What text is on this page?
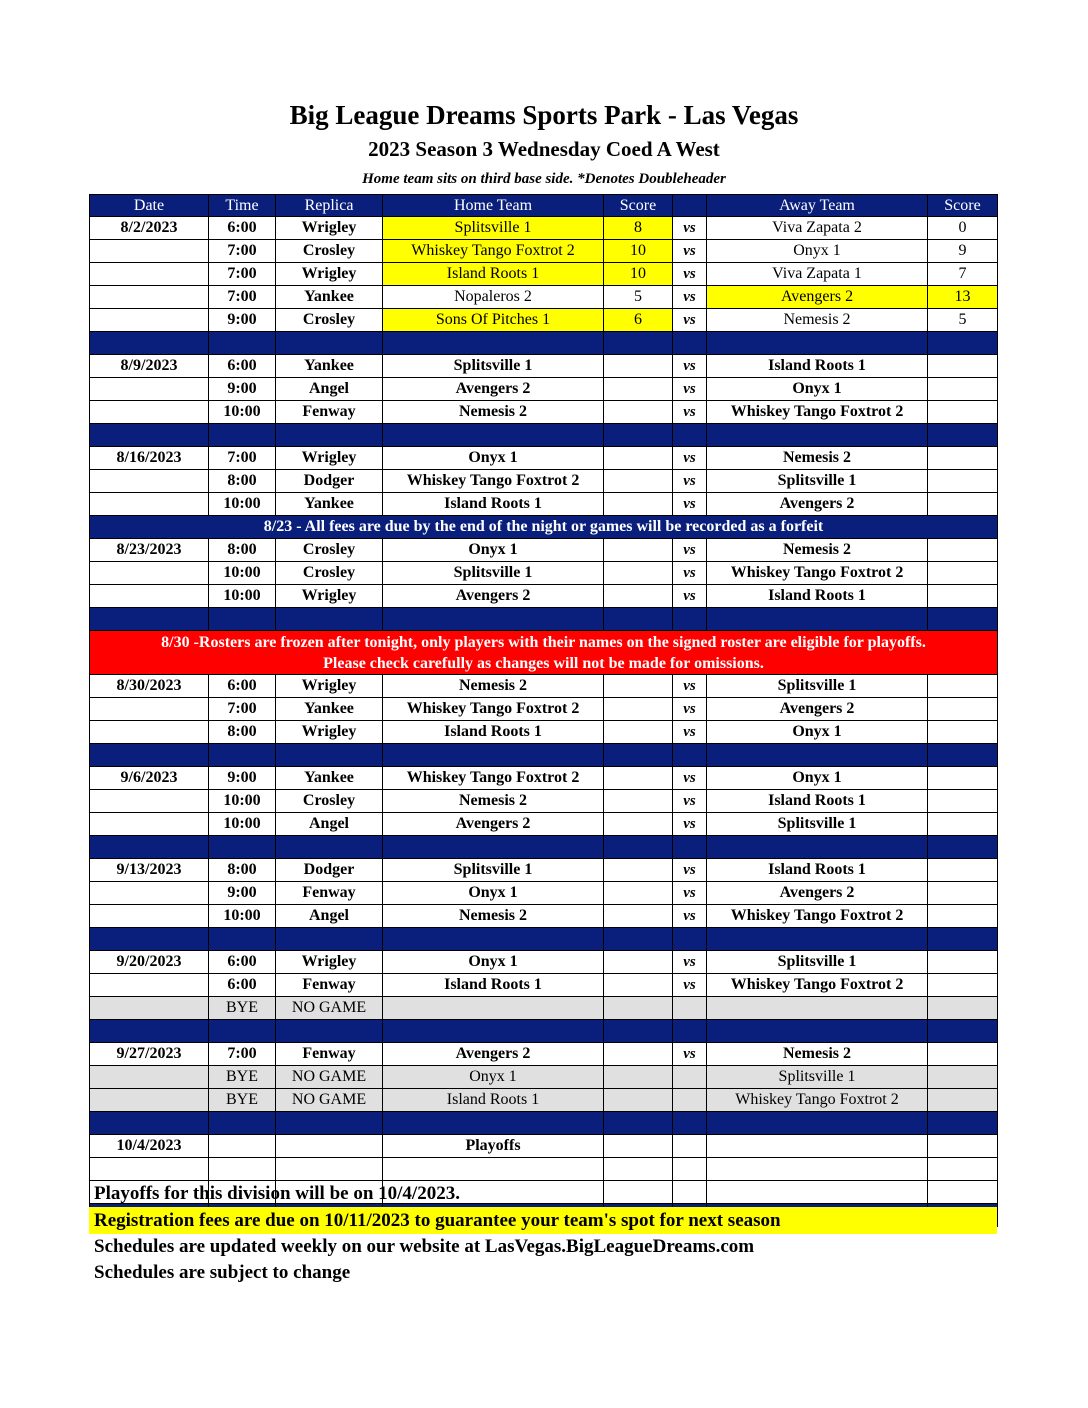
Big League Dreams Sports Park - Las Vegas
2023 Season 3 Wednesday Coed A West
Home team sits on third base side. *Denotes Doubleheader
Date	Time	Replica	Home Team	Score		Away Team	Score
8/2/2023	6:00	Wrigley	Splitsville 1	8	vs	Viva Zapata 2	0
	7:00	Crosley	Whiskey Tango Foxtrot 2	10	vs	Onyx 1	9
	7:00	Wrigley	Island Roots 1	10	vs	Viva Zapata 1	7
	7:00	Yankee	Nopaleros 2	5	vs	Avengers 2	13
	9:00	Crosley	Sons Of Pitches 1	6	vs	Nemesis 2	5

8/9/2023	6:00	Yankee	Splitsville 1		vs	Island Roots 1	
	9:00	Angel	Avengers 2		vs	Onyx 1	
	10:00	Fenway	Nemesis 2		vs	Whiskey Tango Foxtrot 2	

8/16/2023	7:00	Wrigley	Onyx 1		vs	Nemesis 2	
	8:00	Dodger	Whiskey Tango Foxtrot 2		vs	Splitsville 1	
	10:00	Yankee	Island Roots 1		vs	Avengers 2	
8/23 - All fees are due by the end of the night or games will be recorded as a forfeit							
8/23/2023	8:00	Crosley	Onyx 1		vs	Nemesis 2	
	10:00	Crosley	Splitsville 1		vs	Whiskey Tango Foxtrot 2	
	10:00	Wrigley	Avengers 2		vs	Island Roots 1	

8/30 -Rosters are frozen after tonight, only players with their names on the signed roster are eligible for playoffs.
Please check carefully as changes will not be made for omissions.							

8/30/2023	6:00	Wrigley	Nemesis 2		vs	Splitsville 1	
	7:00	Yankee	Whiskey Tango Foxtrot 2		vs	Avengers 2	
	8:00	Wrigley	Island Roots 1		vs	Onyx 1	

9/6/2023	9:00	Yankee	Whiskey Tango Foxtrot 2		vs	Onyx 1	
	10:00	Crosley	Nemesis 2		vs	Island Roots 1	
	10:00	Angel	Avengers 2		vs	Splitsville 1	

9/13/2023	8:00	Dodger	Splitsville 1		vs	Island Roots 1	
	9:00	Fenway	Onyx 1		vs	Avengers 2	
	10:00	Angel	Nemesis 2		vs	Whiskey Tango Foxtrot 2	

9/20/2023	6:00	Wrigley	Onyx 1		vs	Splitsville 1	
	6:00	Fenway	Island Roots 1		vs	Whiskey Tango Foxtrot 2	
	BYE	NO GAME					

9/27/2023	7:00	Fenway	Avengers 2		vs	Nemesis 2	
	BYE	NO GAME	Onyx 1			Splitsville 1	
	BYE	NO GAME	Island Roots 1			Whiskey Tango Foxtrot 2	

10/4/2023			Playoffs				

Playoffs for this division will be on 10/4/2023.
Registration fees are due on 10/11/2023 to guarantee your team's spot for next season
Schedules are updated weekly on our website at LasVegas.BigLeagueDreams.com
Schedules are subject to change
